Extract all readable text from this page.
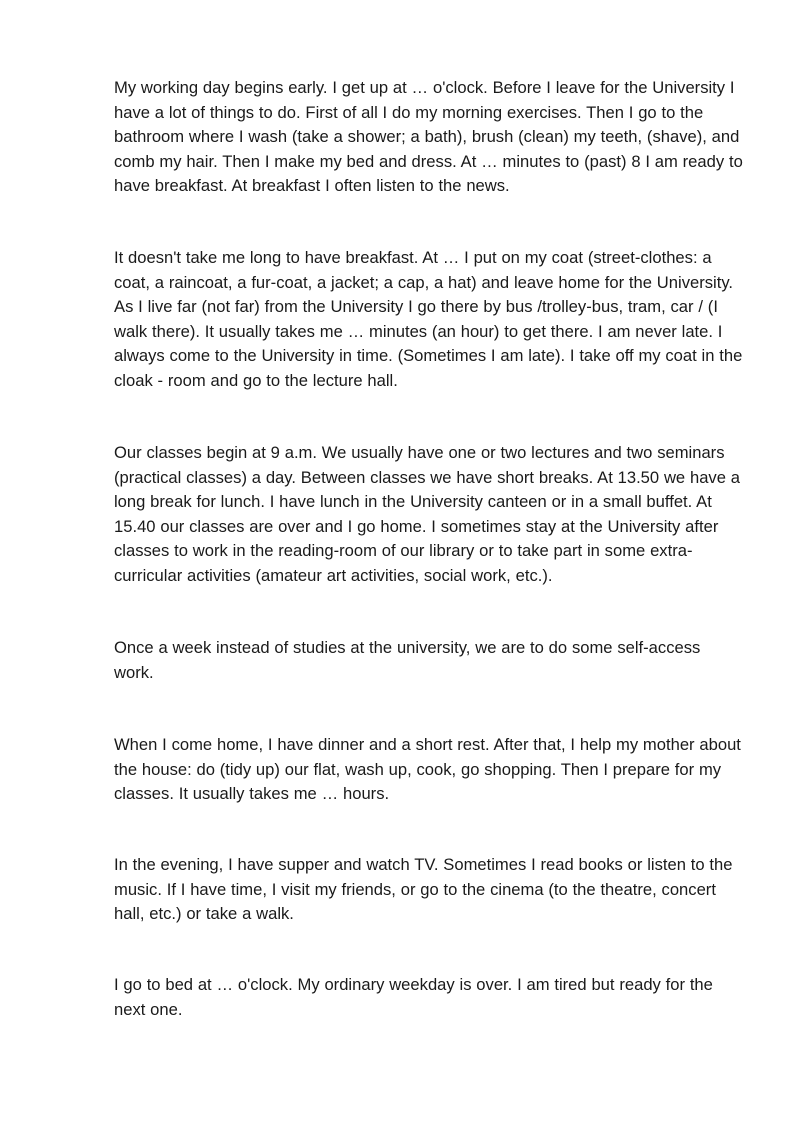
My working day begins early. I get up at … o'clock. Before I leave for the University I have a lot of things to do. First of all I do my morning exercises. Then I go to the bathroom where I wash (take a shower; a bath), brush (clean) my teeth, (shave), and comb my hair. Then I make my bed and dress. At … minutes to (past) 8 I am ready to have breakfast. At breakfast I often listen to the news.

It doesn't take me long to have breakfast. At … I put on my coat (street-clothes: a coat, a raincoat, a fur-coat, a jacket; a cap, a hat) and leave home for the University. As I live far (not far) from the University I go there by bus /trolley-bus, tram, car / (I walk there). It usually takes me … minutes (an hour) to get there. I am never late. I always come to the University in time. (Sometimes I am late). I take off my coat in the cloak - room and go to the lecture hall.

Our classes begin at 9 a.m. We usually have one or two lectures and two seminars (practical classes) a day. Between classes we have short breaks. At 13.50 we have a long break for lunch. I have lunch in the University canteen or in a small buffet. At 15.40 our classes are over and I go home. I sometimes stay at the University after classes to work in the reading-room of our library or to take part in some extra-curricular activities (amateur art activities, social work, etc.).

Once a week instead of studies at the university, we are to do some self-access work.

When I come home, I have dinner and a short rest. After that, I help my mother about the house: do (tidy up) our flat, wash up, cook, go shopping. Then I prepare for my classes. It usually takes me … hours.

In the evening, I have supper and watch TV. Sometimes I read books or listen to the music. If I have time, I visit my friends, or go to the cinema (to the theatre, concert hall, etc.) or take a walk.

I go to bed at … o'clock. My ordinary weekday is over. I am tired but ready for the next one.
